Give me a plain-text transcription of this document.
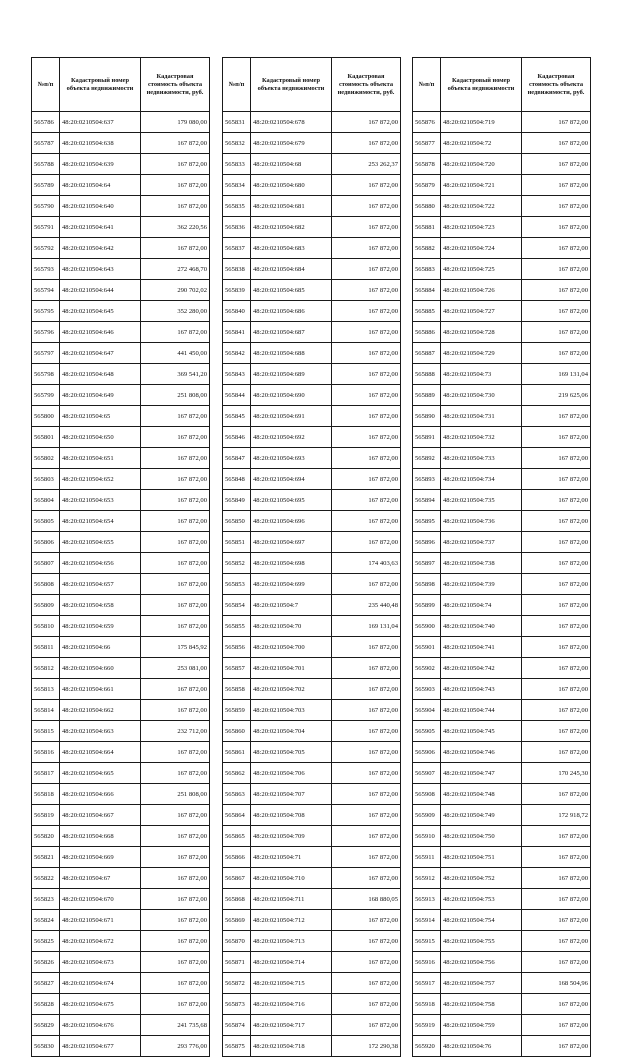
№п/п	Кадастровый номер объекта недвижимости	Кадастровая стоимость объекта недвижимости, руб.
565786	48:20:0210504:637	179 080,00
565787	48:20:0210504:638	167 872,00
565788	48:20:0210504:639	167 872,00
565789	48:20:0210504:64	167 872,00
565790	48:20:0210504:640	167 872,00
565791	48:20:0210504:641	362 220,56
565792	48:20:0210504:642	167 872,00
565793	48:20:0210504:643	272 468,70
565794	48:20:0210504:644	290 702,02
565795	48:20:0210504:645	352 280,00
565796	48:20:0210504:646	167 872,00
565797	48:20:0210504:647	441 450,00
565798	48:20:0210504:648	369 541,20
565799	48:20:0210504:649	251 808,00
565800	48:20:0210504:65	167 872,00
565801	48:20:0210504:650	167 872,00
565802	48:20:0210504:651	167 872,00
565803	48:20:0210504:652	167 872,00
565804	48:20:0210504:653	167 872,00
565805	48:20:0210504:654	167 872,00
565806	48:20:0210504:655	167 872,00
565807	48:20:0210504:656	167 872,00
565808	48:20:0210504:657	167 872,00
565809	48:20:0210504:658	167 872,00
565810	48:20:0210504:659	167 872,00
565811	48:20:0210504:66	175 845,92
565812	48:20:0210504:660	253 081,00
565813	48:20:0210504:661	167 872,00
565814	48:20:0210504:662	167 872,00
565815	48:20:0210504:663	232 712,00
565816	48:20:0210504:664	167 872,00
565817	48:20:0210504:665	167 872,00
565818	48:20:0210504:666	251 808,00
565819	48:20:0210504:667	167 872,00
565820	48:20:0210504:668	167 872,00
565821	48:20:0210504:669	167 872,00
565822	48:20:0210504:67	167 872,00
565823	48:20:0210504:670	167 872,00
565824	48:20:0210504:671	167 872,00
565825	48:20:0210504:672	167 872,00
565826	48:20:0210504:673	167 872,00
565827	48:20:0210504:674	167 872,00
565828	48:20:0210504:675	167 872,00
565829	48:20:0210504:676	241 735,68
565830	48:20:0210504:677	293 776,00
№п/п	Кадастровый номер объекта недвижимости	Кадастровая стоимость объекта недвижимости, руб.
565831	48:20:0210504:678	167 872,00
565832	48:20:0210504:679	167 872,00
565833	48:20:0210504:68	253 262,37
565834	48:20:0210504:680	167 872,00
565835	48:20:0210504:681	167 872,00
565836	48:20:0210504:682	167 872,00
565837	48:20:0210504:683	167 872,00
565838	48:20:0210504:684	167 872,00
565839	48:20:0210504:685	167 872,00
565840	48:20:0210504:686	167 872,00
565841	48:20:0210504:687	167 872,00
565842	48:20:0210504:688	167 872,00
565843	48:20:0210504:689	167 872,00
565844	48:20:0210504:690	167 872,00
565845	48:20:0210504:691	167 872,00
565846	48:20:0210504:692	167 872,00
565847	48:20:0210504:693	167 872,00
565848	48:20:0210504:694	167 872,00
565849	48:20:0210504:695	167 872,00
565850	48:20:0210504:696	167 872,00
565851	48:20:0210504:697	167 872,00
565852	48:20:0210504:698	174 403,63
565853	48:20:0210504:699	167 872,00
565854	48:20:0210504:7	235 440,48
565855	48:20:0210504:70	169 131,04
565856	48:20:0210504:700	167 872,00
565857	48:20:0210504:701	167 872,00
565858	48:20:0210504:702	167 872,00
565859	48:20:0210504:703	167 872,00
565860	48:20:0210504:704	167 872,00
565861	48:20:0210504:705	167 872,00
565862	48:20:0210504:706	167 872,00
565863	48:20:0210504:707	167 872,00
565864	48:20:0210504:708	167 872,00
565865	48:20:0210504:709	167 872,00
565866	48:20:0210504:71	167 872,00
565867	48:20:0210504:710	167 872,00
565868	48:20:0210504:711	168 880,05
565869	48:20:0210504:712	167 872,00
565870	48:20:0210504:713	167 872,00
565871	48:20:0210504:714	167 872,00
565872	48:20:0210504:715	167 872,00
565873	48:20:0210504:716	167 872,00
565874	48:20:0210504:717	167 872,00
565875	48:20:0210504:718	172 290,38
№п/п	Кадастровый номер объекта недвижимости	Кадастровая стоимость объекта недвижимости, руб.
565876	48:20:0210504:719	167 872,00
565877	48:20:0210504:72	167 872,00
565878	48:20:0210504:720	167 872,00
565879	48:20:0210504:721	167 872,00
565880	48:20:0210504:722	167 872,00
565881	48:20:0210504:723	167 872,00
565882	48:20:0210504:724	167 872,00
565883	48:20:0210504:725	167 872,00
565884	48:20:0210504:726	167 872,00
565885	48:20:0210504:727	167 872,00
565886	48:20:0210504:728	167 872,00
565887	48:20:0210504:729	167 872,00
565888	48:20:0210504:73	169 131,04
565889	48:20:0210504:730	219 625,06
565890	48:20:0210504:731	167 872,00
565891	48:20:0210504:732	167 872,00
565892	48:20:0210504:733	167 872,00
565893	48:20:0210504:734	167 872,00
565894	48:20:0210504:735	167 872,00
565895	48:20:0210504:736	167 872,00
565896	48:20:0210504:737	167 872,00
565897	48:20:0210504:738	167 872,00
565898	48:20:0210504:739	167 872,00
565899	48:20:0210504:74	167 872,00
565900	48:20:0210504:740	167 872,00
565901	48:20:0210504:741	167 872,00
565902	48:20:0210504:742	167 872,00
565903	48:20:0210504:743	167 872,00
565904	48:20:0210504:744	167 872,00
565905	48:20:0210504:745	167 872,00
565906	48:20:0210504:746	167 872,00
565907	48:20:0210504:747	170 245,30
565908	48:20:0210504:748	167 872,00
565909	48:20:0210504:749	172 918,72
565910	48:20:0210504:750	167 872,00
565911	48:20:0210504:751	167 872,00
565912	48:20:0210504:752	167 872,00
565913	48:20:0210504:753	167 872,00
565914	48:20:0210504:754	167 872,00
565915	48:20:0210504:755	167 872,00
565916	48:20:0210504:756	167 872,00
565917	48:20:0210504:757	168 504,96
565918	48:20:0210504:758	167 872,00
565919	48:20:0210504:759	167 872,00
565920	48:20:0210504:76	167 872,00
